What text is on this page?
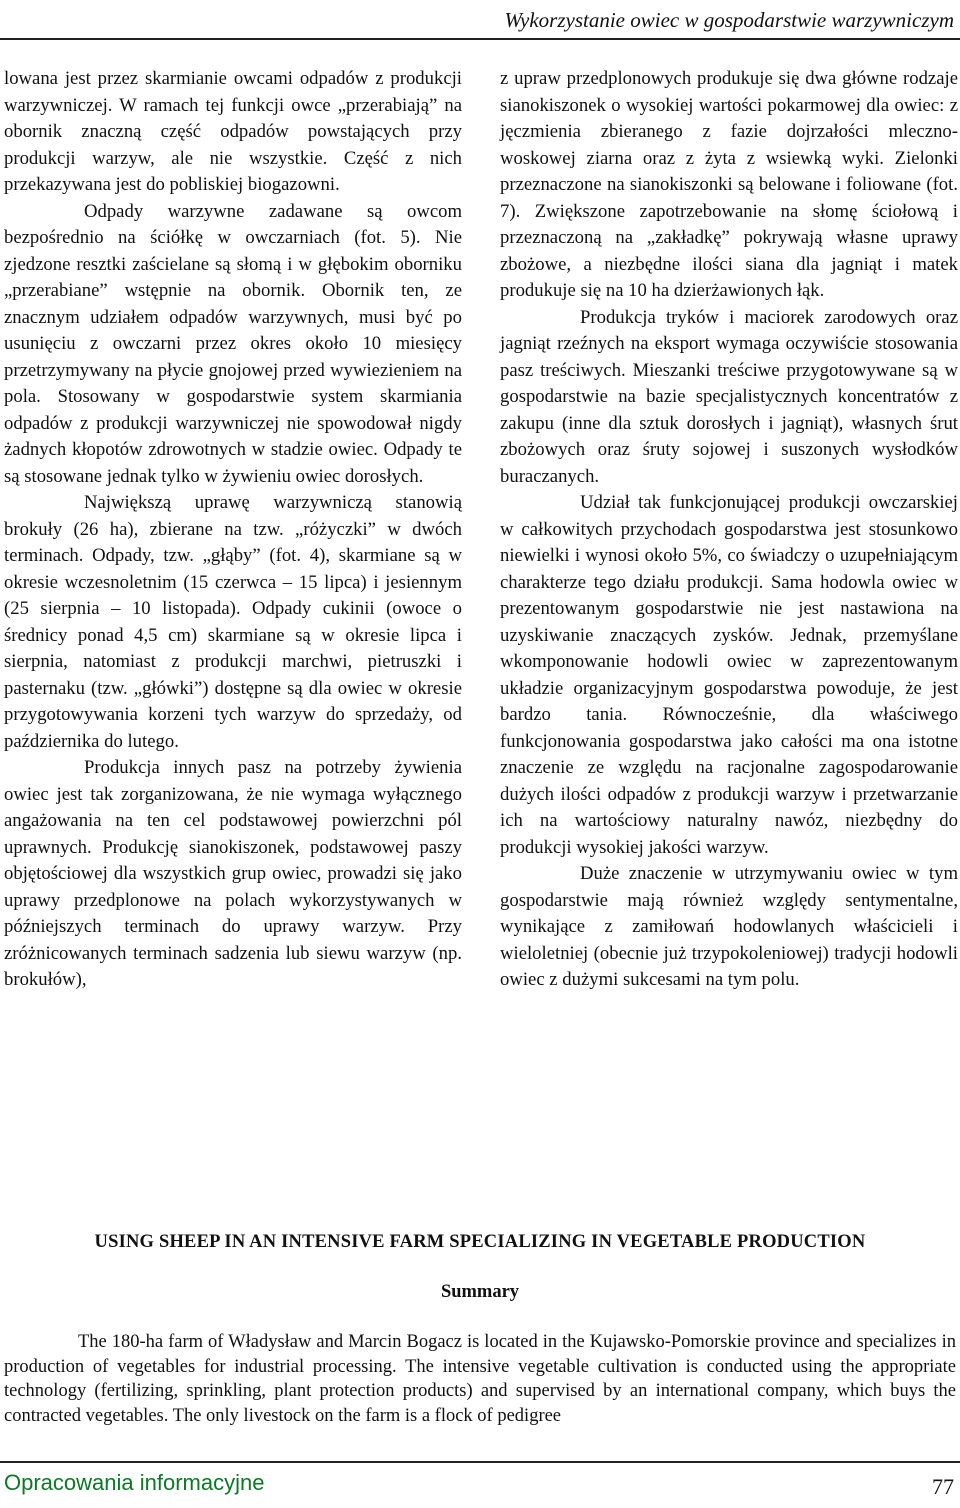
Wykorzystanie owiec w gospodarstwie warzywniczym

lowana jest przez skarmianie owcami odpadów z produkcji warzywniczej. W ramach tej funkcji owce „przerabiają” na obornik znaczną część odpadów powstających przy produkcji warzyw, ale nie wszystkie. Część z nich przekazywana jest do pobliskiej biogazowni.

Odpady warzywne zadawane są owcom bezpośrednio na ściółkę w owczarniach (fot. 5). Nie zjedzone resztki zaścielane są słomą i w głębokim oborniku „przerabiane” wstępnie na obornik. Obornik ten, ze znacznym udziałem odpadów warzywnych, musi być po usunięciu z owczarni przez okres około 10 miesięcy przetrzymywany na płycie gnojowej przed wywiezieniem na pola. Stosowany w gospodarstwie system skarmiania odpadów z produkcji warzywniczej nie spowodował nigdy żadnych kłopotów zdrowotnych w stadzie owiec. Odpady te są stosowane jednak tylko w żywieniu owiec dorosłych.

Największą uprawę warzywniczą stanowią brokuły (26 ha), zbierane na tzw. „różyczki” w dwóch terminach. Odpady, tzw. „głąby” (fot. 4), skarmiane są w okresie wczesnoletnim (15 czerwca – 15 lipca) i jesiennym (25 sierpnia – 10 listopada). Odpady cukinii (owoce o średnicy ponad 4,5 cm) skarmiane są w okresie lipca i sierpnia, natomiast z produkcji marchwi, pietruszki i pasternaku (tzw. „główki”) dostępne są dla owiec w okresie przygotowywania korzeni tych warzyw do sprzedaży, od października do lutego.

Produkcja innych pasz na potrzeby żywienia owiec jest tak zorganizowana, że nie wymaga wyłącznego angażowania na ten cel podstawowej powierzchni pól uprawnych. Produkcję sianokiszonek, podstawowej paszy objętościowej dla wszystkich grup owiec, prowadzi się jako uprawy przedplonowe na polach wykorzystywanych w późniejszych terminach do uprawy warzyw. Przy zróżnicowanych terminach sadzenia lub siewu warzyw (np. brokułów),

z upraw przedplonowych produkuje się dwa główne rodzaje sianokiszonek o wysokiej wartości pokarmowej dla owiec: z jęczmienia zbieranego z fazie dojrzałości mleczno-woskowej ziarna oraz z żyta z wsiewką wyki. Zielonki przeznaczone na sianokiszonki są belowane i foliowane (fot. 7). Zwiększone zapotrzebowanie na słomę ściołową i przeznaczoną na „zakładkę” pokrywają własne uprawy zbożowe, a niezbędne ilości siana dla jagniąt i matek produkuje się na 10 ha dzierżawionych łąk.

Produkcja tryków i maciorek zarodowych oraz jagniąt rzeźnych na eksport wymaga oczywiście stosowania pasz treściwych. Mieszanki treściwe przygotowywane są w gospodarstwie na bazie specjalistycznych koncentratów z zakupu (inne dla sztuk dorosłych i jagniąt), własnych śrut zbożowych oraz śruty sojowej i suszonych wysłodków buraczanych.

Udział tak funkcjonującej produkcji owczarskiej w całkowitych przychodach gospodarstwa jest stosunkowo niewielki i wynosi około 5%, co świadczy o uzupełniającym charakterze tego działu produkcji. Sama hodowla owiec w prezentowanym gospodarstwie nie jest nastawiona na uzyskiwanie znaczących zysków. Jednak, przemyślane wkomponowanie hodowli owiec w zaprezentowanym układzie organizacyjnym gospodarstwa powoduje, że jest bardzo tania. Równocześnie, dla właściwego funkcjonowania gospodarstwa jako całości ma ona istotne znaczenie ze względu na racjonalne zagospodarowanie dużych ilości odpadów z produkcji warzyw i przetwarzanie ich na wartościowy naturalny nawóz, niezbędny do produkcji wysokiej jakości warzyw.

Duże znaczenie w utrzymywaniu owiec w tym gospodarstwie mają również względy sentymentalne, wynikające z zamiłowań hodowlanych właścicieli i wieloletniej (obecnie już trzypokoleniowej) tradycji hodowli owiec z dużymi sukcesami na tym polu.

USING SHEEP IN AN INTENSIVE FARM SPECIALIZING IN VEGETABLE PRODUCTION
Summary

The 180-ha farm of Władysław and Marcin Bogacz is located in the Kujawsko-Pomorskie province and specializes in production of vegetables for industrial processing. The intensive vegetable cultivation is conducted using the appropriate technology (fertilizing, sprinkling, plant protection products) and supervised by an international company, which buys the contracted vegetables. The only livestock on the farm is a flock of pedigree

Opracowania informacyjne	77
